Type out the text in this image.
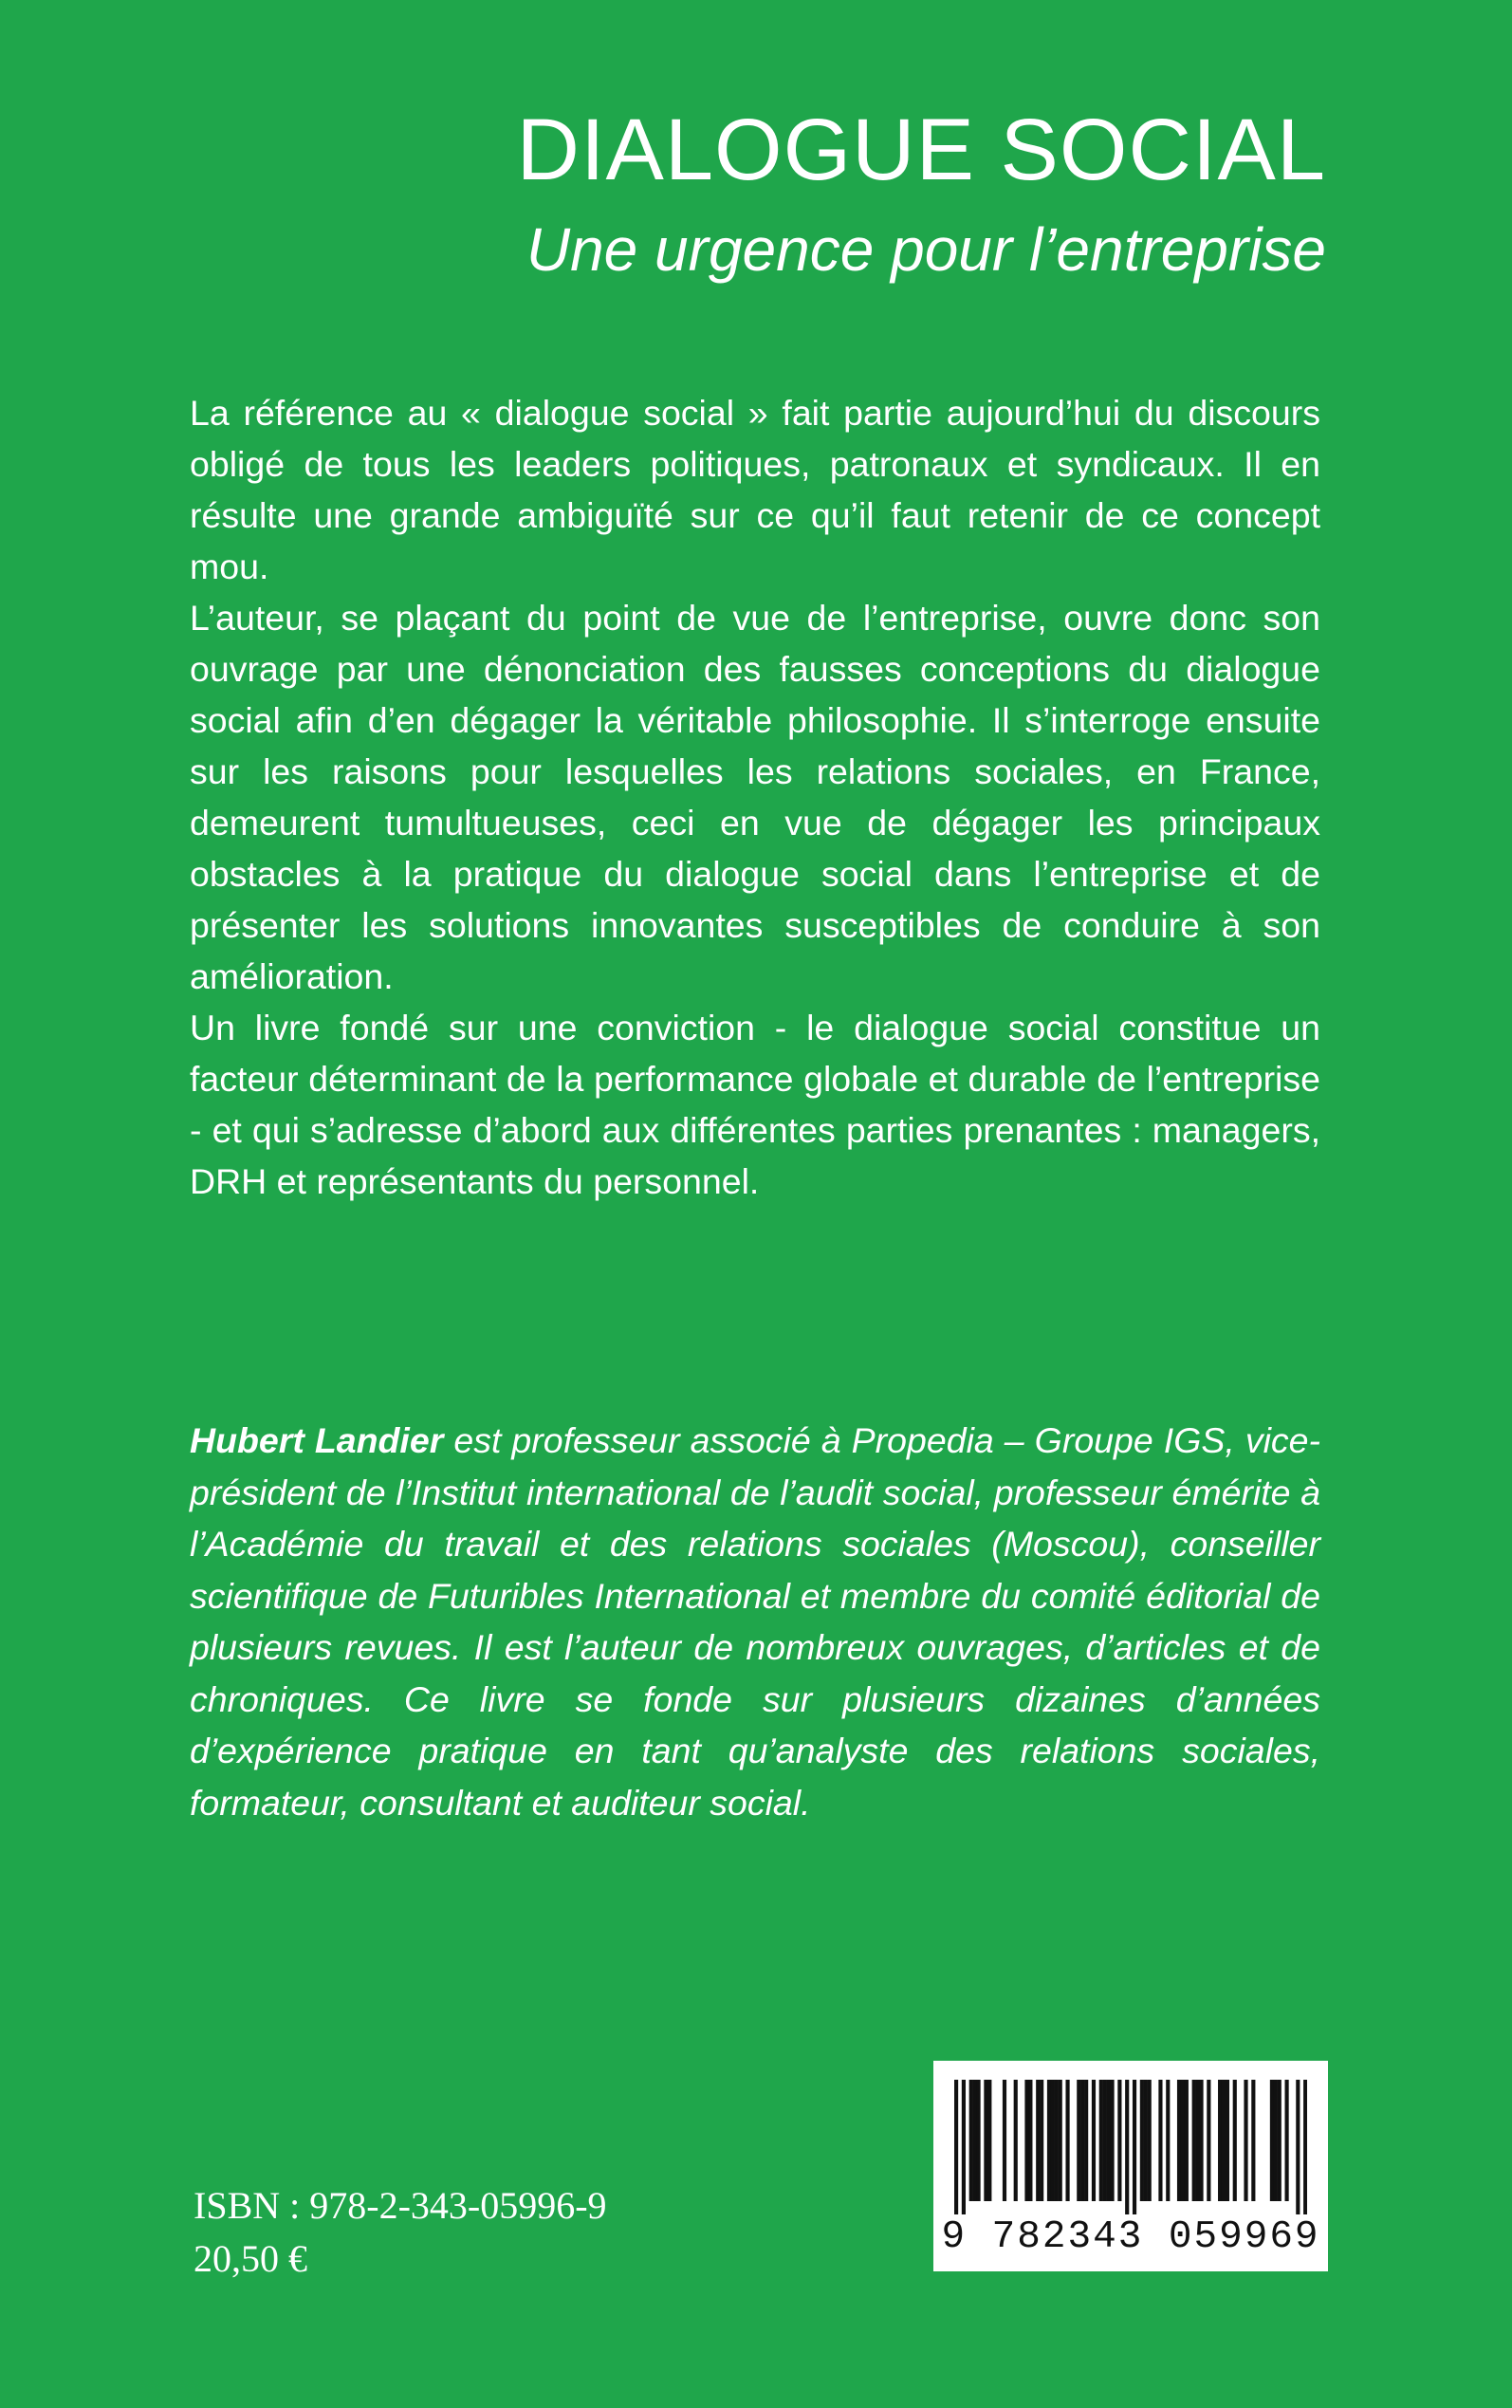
DIALOGUE SOCIAL
Une urgence pour l’entreprise

La référence au « dialogue social » fait partie aujourd’hui du discours obligé de tous les leaders politiques, patronaux et syndicaux. Il en résulte une grande ambiguïté sur ce qu’il faut retenir de ce concept mou.

L’auteur, se plaçant du point de vue de l’entreprise, ouvre donc son ouvrage par une dénonciation des fausses conceptions du dialogue social afin d’en dégager la véritable philosophie. Il s’interroge ensuite sur les raisons pour lesquelles les relations sociales, en France, demeurent tumultueuses, ceci en vue de dégager les principaux obstacles à la pratique du dialogue social dans l’entreprise et de présenter les solutions innovantes susceptibles de conduire à son amélioration.

Un livre fondé sur une conviction - le dialogue social constitue un facteur déterminant de la performance globale et durable de l’entreprise - et qui s’adresse d’abord aux différentes parties prenantes : managers, DRH et représentants du personnel.

Hubert Landier est professeur associé à Propedia – Groupe IGS, vice-président de l’Institut international de l’audit social, professeur émérite à l’Académie du travail et des relations sociales (Moscou), conseiller scientifique de Futuribles International et membre du comité éditorial de plusieurs revues. Il est l’auteur de nombreux ouvrages, d’articles et de chroniques. Ce livre se fonde sur plusieurs dizaines d’années d’expérience pratique en tant qu’analyste des relations sociales, formateur, consultant et auditeur social.

ISBN : 978-2-343-05996-9
20,50 €	9 782343 059969
